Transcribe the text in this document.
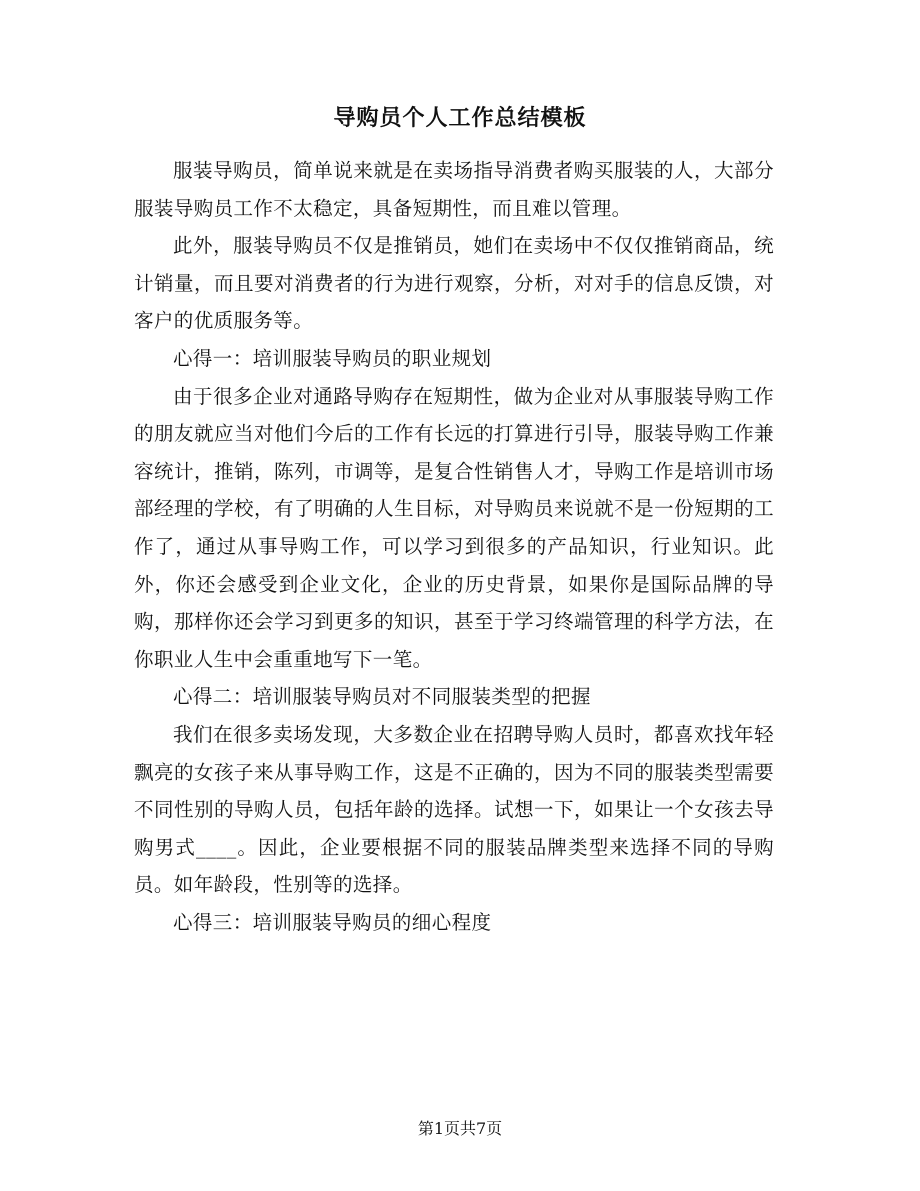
导购员个人工作总结模板

服装导购员，简单说来就是在卖场指导消费者购买服装的人，大部分服装导购员工作不太稳定，具备短期性，而且难以管理。

此外，服装导购员不仅是推销员，她们在卖场中不仅仅推销商品，统计销量，而且要对消费者的行为进行观察，分析，对对手的信息反馈，对客户的优质服务等。

心得一：培训服装导购员的职业规划

由于很多企业对通路导购存在短期性，做为企业对从事服装导购工作的朋友就应当对他们今后的工作有长远的打算进行引导，服装导购工作兼容统计，推销，陈列，市调等，是复合性销售人才，导购工作是培训市场部经理的学校，有了明确的人生目标，对导购员来说就不是一份短期的工作了，通过从事导购工作，可以学习到很多的产品知识，行业知识。此外，你还会感受到企业文化，企业的历史背景，如果你是国际品牌的导购，那样你还会学习到更多的知识，甚至于学习终端管理的科学方法，在你职业人生中会重重地写下一笔。

心得二：培训服装导购员对不同服装类型的把握

我们在很多卖场发现，大多数企业在招聘导购人员时，都喜欢找年轻飘亮的女孩子来从事导购工作，这是不正确的，因为不同的服装类型需要不同性别的导购人员，包括年龄的选择。试想一下，如果让一个女孩去导购男式____。因此，企业要根据不同的服装品牌类型来选择不同的导购员。如年龄段，性别等的选择。

心得三：培训服装导购员的细心程度

第1页共7页
